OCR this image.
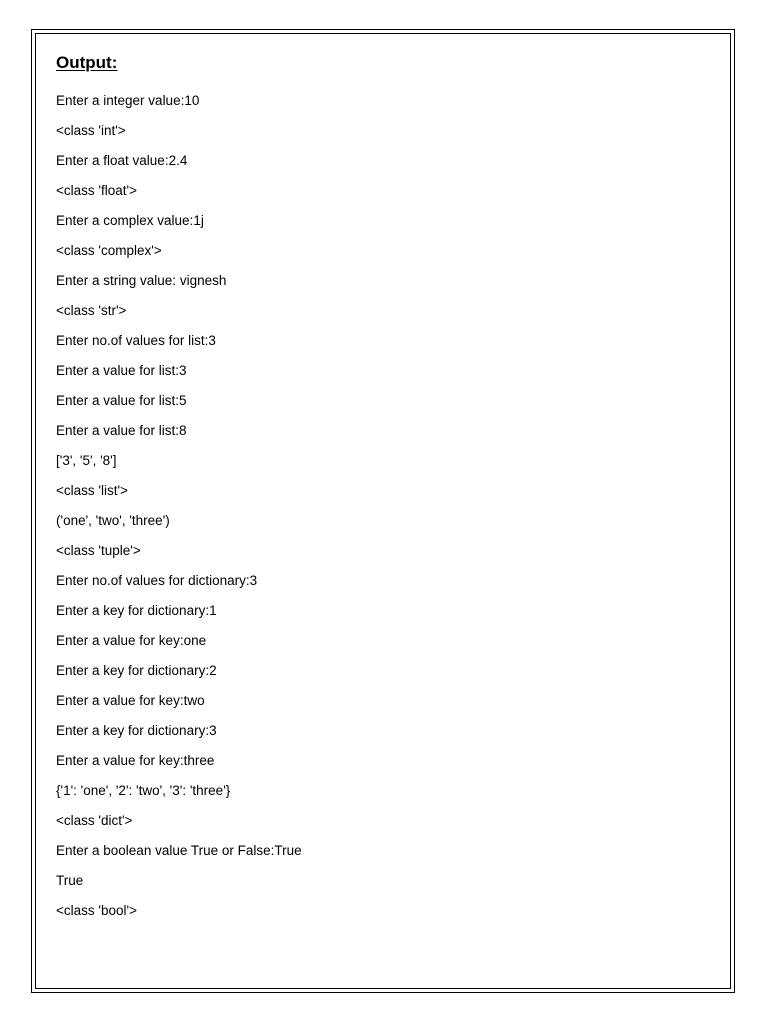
Output:
Enter a integer value:10
<class 'int'>
Enter a float value:2.4
<class 'float'>
Enter a complex value:1j
<class 'complex'>
Enter a string value: vignesh
<class 'str'>
Enter no.of values for list:3
Enter a value for list:3
Enter a value for list:5
Enter a value for list:8
['3', '5', '8']
<class 'list'>
('one', 'two', 'three')
<class 'tuple'>
Enter no.of values for dictionary:3
Enter a key for dictionary:1
Enter a value for key:one
Enter a key for dictionary:2
Enter a value for key:two
Enter a key for dictionary:3
Enter a value for key:three
{'1': 'one', '2': 'two', '3': 'three'}
<class 'dict'>
Enter a boolean value True or False:True
True
<class 'bool'>
